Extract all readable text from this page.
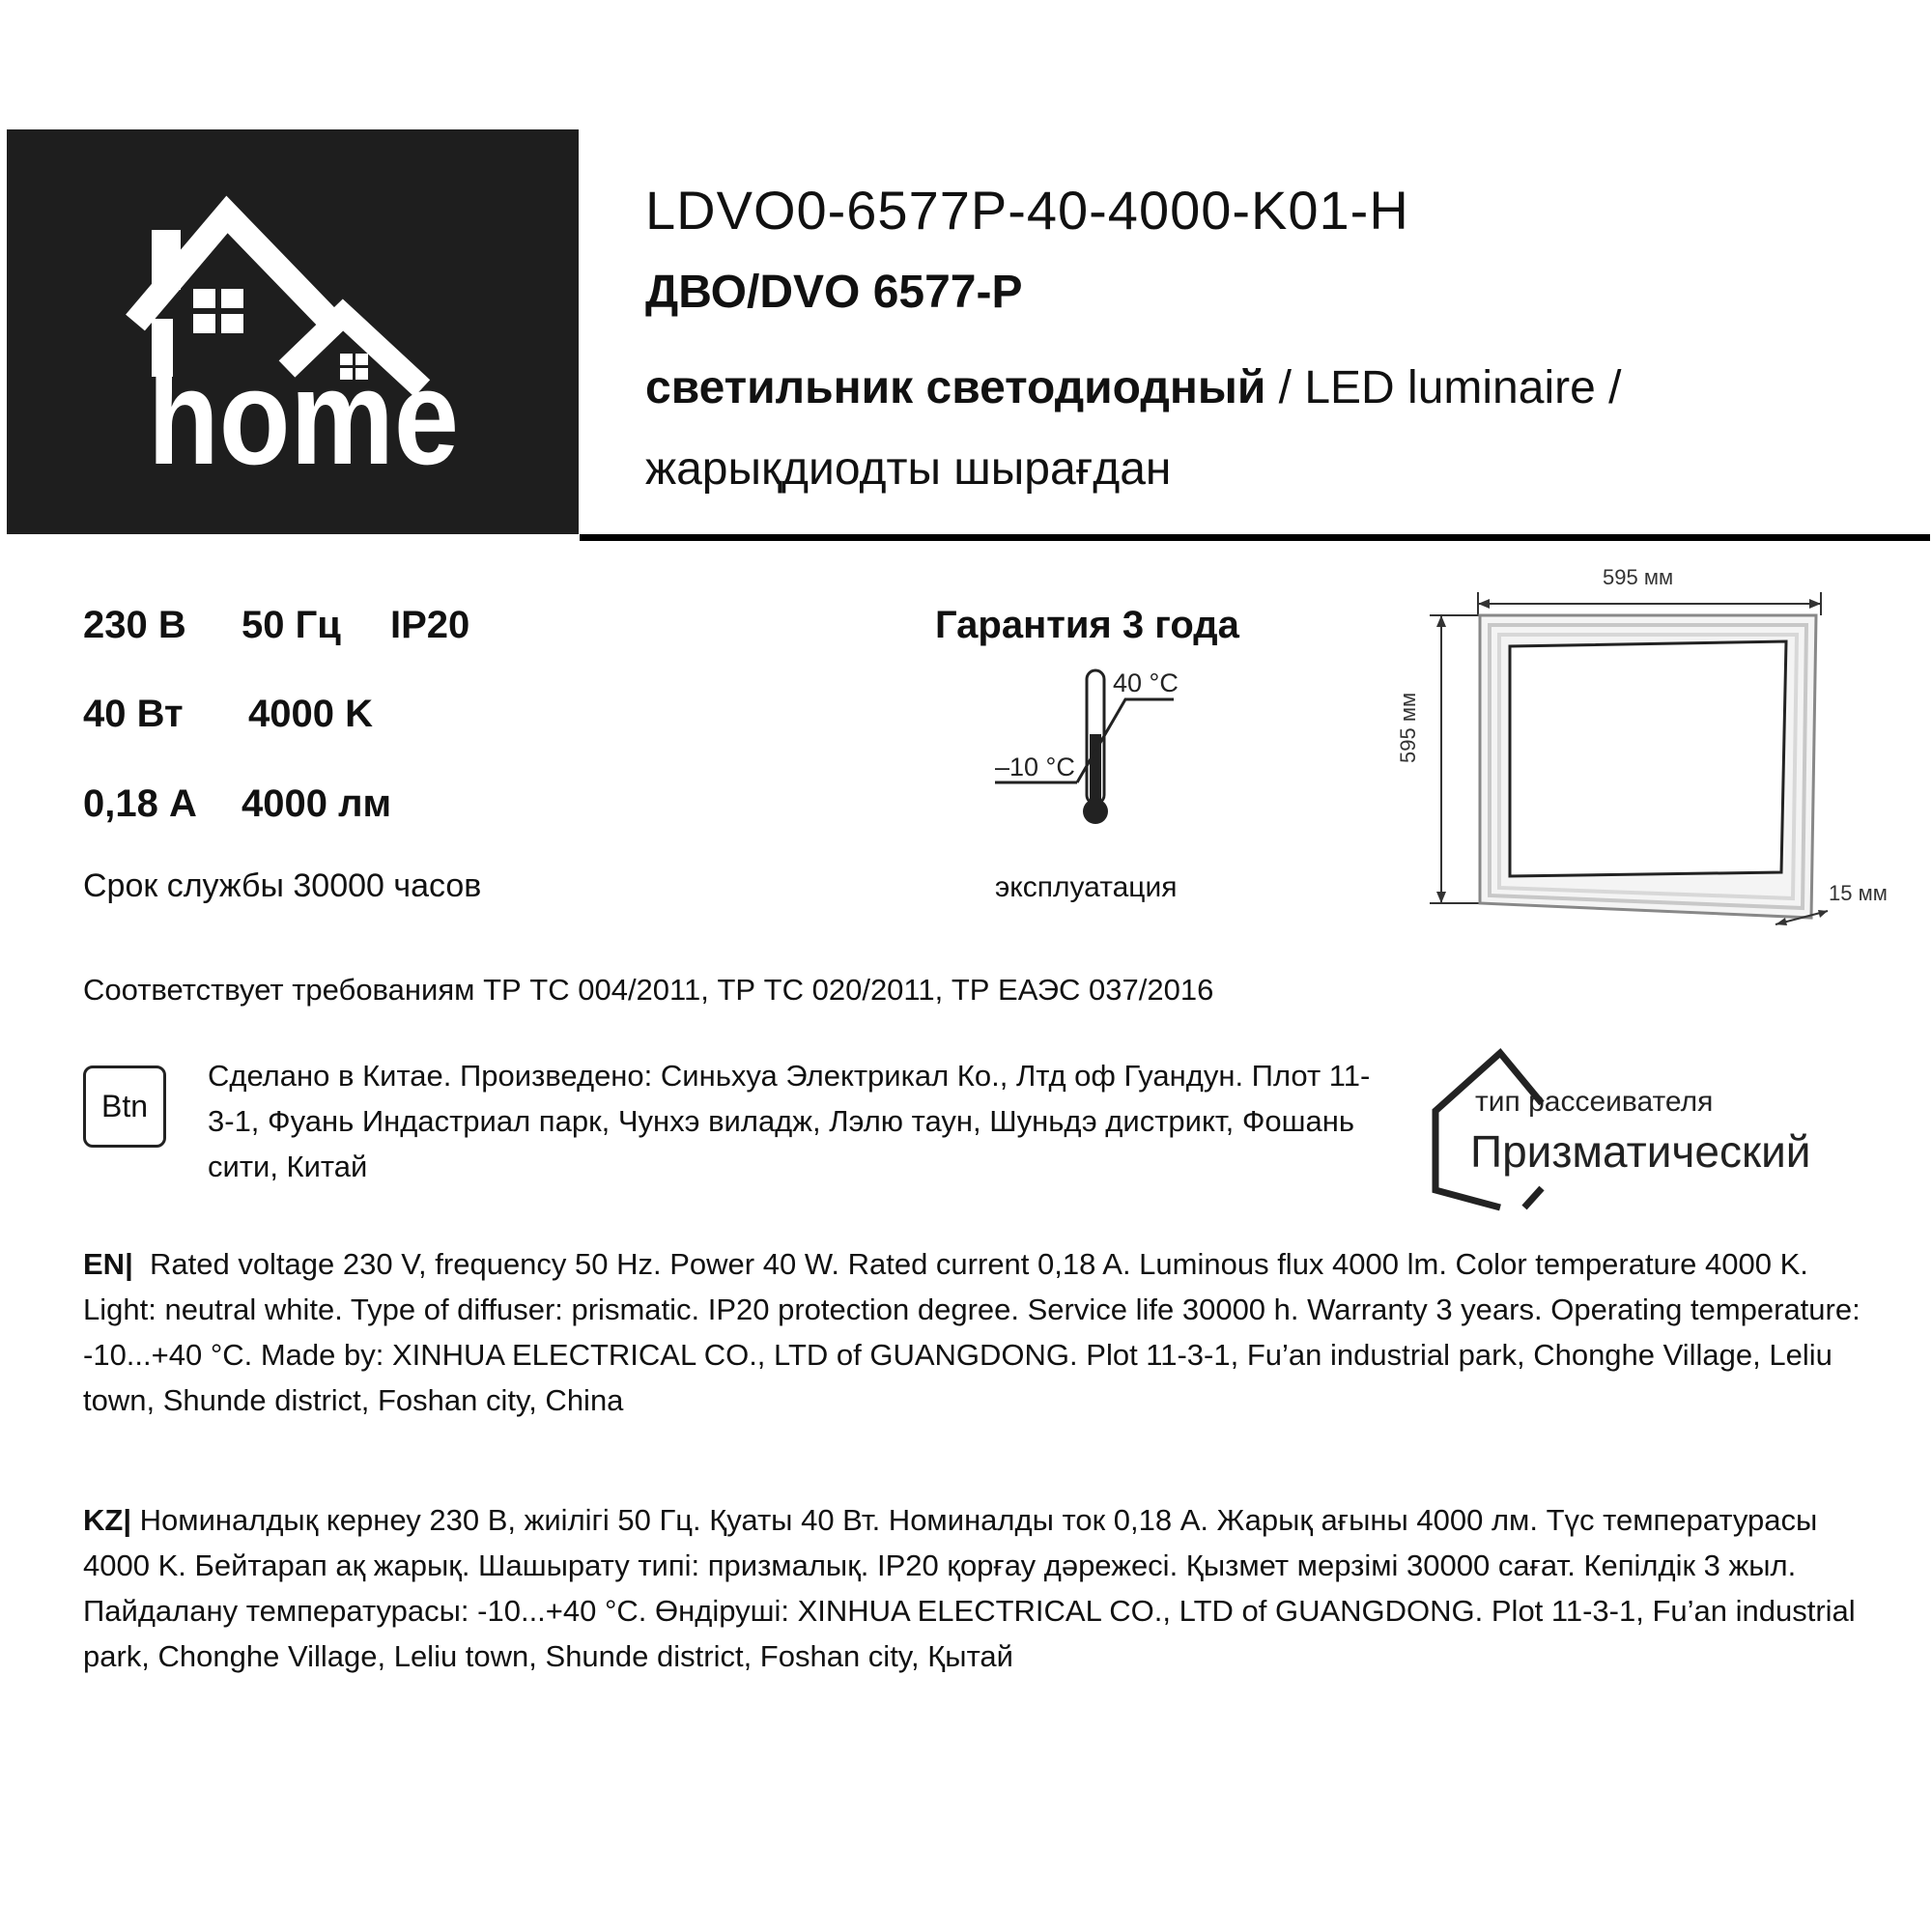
home
LDVO0-6577P-40-4000-K01-H
ДВО/DVO 6577-P
светильник светодиодный / LED luminaire /
жарықдиодты шырағдан
230 В 50 Гц IP20
40 Вт 4000 K
0,18 А 4000 лм
Срок службы 30000 часов
Гарантия 3 года
40 °C
–10 °C
эксплуатация
595 мм
595 мм
15 мм
Соответствует требованиям ТР ТС 004/2011, ТР ТС 020/2011, ТР ЕАЭС 037/2016
Btn
Сделано в Китае. Произведено: Синьхуа Электрикал Ко., Лтд оф Гуандун. Плот 11-3-1, Фуань Индастриал парк, Чунхэ виладж, Лэлю таун, Шуньдэ дистрикт, Фошань сити, Китай
тип рассеивателя
Призматический
EN| Rated voltage 230 V, frequency 50 Hz. Power 40 W. Rated current 0,18 A. Luminous flux 4000 lm. Color temperature 4000 K. Light: neutral white. Type of diffuser: prismatic. IP20 protection degree. Service life 30000 h. Warranty 3 years. Operating temperature: -10...+40 °C. Made by: XINHUA ELECTRICAL CO., LTD of GUANGDONG. Plot 11-3-1, Fu’an industrial park, Chonghe Village, Leliu town, Shunde district, Foshan city, China
KZ| Номиналдық кернеу 230 В, жиілігі 50 Гц. Қуаты 40 Вт. Номиналды ток 0,18 А. Жарық ағыны 4000 лм. Түс температурасы 4000 K. Бейтарап ақ жарық. Шашырату типі: призмалық. IP20 қорғау дәрежесі. Қызмет мерзімі 30000 сағат. Кепілдік 3 жыл. Пайдалану температурасы: -10...+40 °C. Өндіруші: XINHUA ELECTRICAL CO., LTD of GUANGDONG. Plot 11-3-1, Fu’an industrial park, Chonghe Village, Leliu town, Shunde district, Foshan city, Қытай
